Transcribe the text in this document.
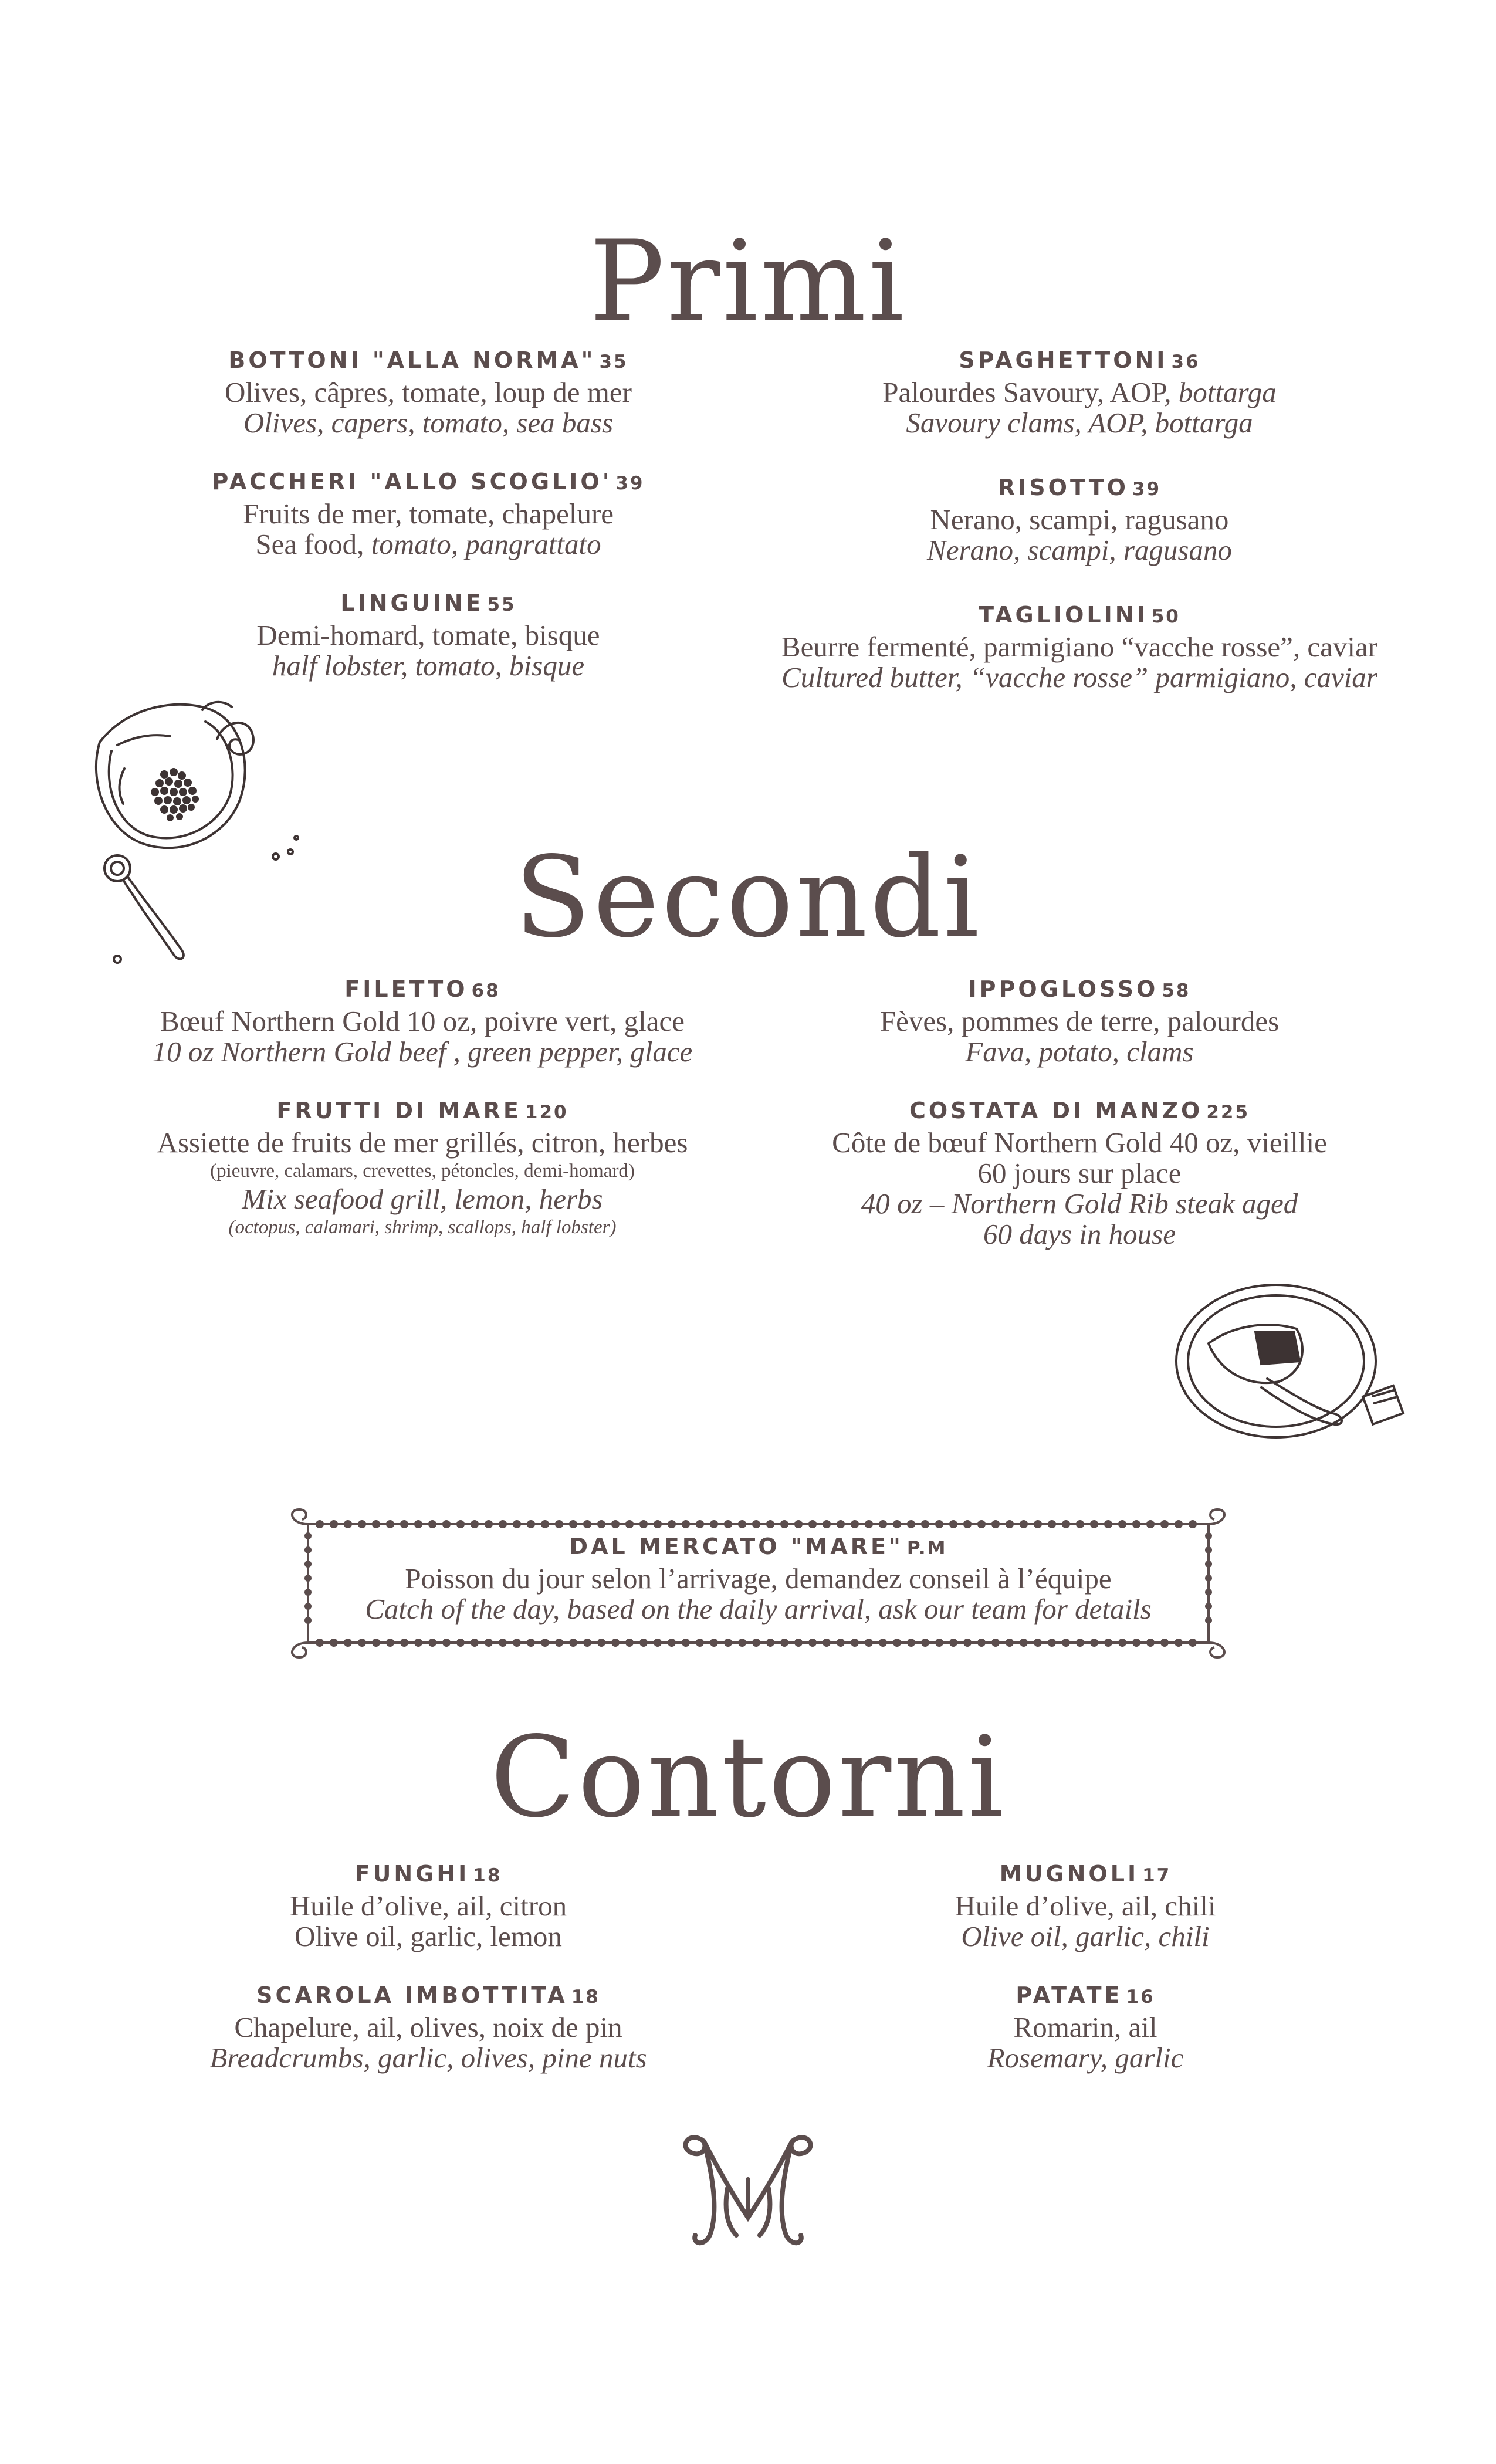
Primi
BOTTONI "ALLA NORMA" 35
Olives, câpres, tomate, loup de mer
Olives, capers, tomato, sea bass
PACCHERI "ALLO SCOGLIO' 39
Fruits de mer, tomate, chapelure
Sea food, tomato, pangrattato
LINGUINE 55
Demi-homard, tomate, bisque
half lobster, tomato, bisque
SPAGHETTONI 36
Palourdes Savoury, AOP, bottarga
Savoury clams, AOP, bottarga
RISOTTO 39
Nerano, scampi, ragusano
Nerano, scampi, ragusano
TAGLIOLINI 50
Beurre fermenté, parmigiano “vacche rosse”, caviar
Cultured butter, “vacche rosse” parmigiano, caviar
Secondi
FILETTO 68
Bœuf Northern Gold 10 oz, poivre vert, glace
10 oz Northern Gold beef , green pepper, glace
FRUTTI DI MARE 120
Assiette de fruits de mer grillés, citron, herbes
(pieuvre, calamars, crevettes, pétoncles, demi-homard)
Mix seafood grill, lemon, herbs
(octopus, calamari, shrimp, scallops, half lobster)
IPPOGLOSSO 58
Fèves, pommes de terre, palourdes
Fava, potato, clams
COSTATA DI MANZO 225
Côte de bœuf Northern Gold 40 oz, vieillie
60 jours sur place
40 oz – Northern Gold Rib steak aged
60 days in house
DAL MERCATO "MARE" P.M
Poisson du jour selon l’arrivage, demandez conseil à l’équipe
Catch of the day, based on the daily arrival, ask our team for details
Contorni
FUNGHI 18
Huile d’olive, ail, citron
Olive oil, garlic, lemon
SCAROLA IMBOTTITA 18
Chapelure, ail, olives, noix de pin
Breadcrumbs, garlic, olives, pine nuts
MUGNOLI 17
Huile d’olive, ail, chili
Olive oil, garlic, chili
PATATE 16
Romarin, ail
Rosemary, garlic
M
